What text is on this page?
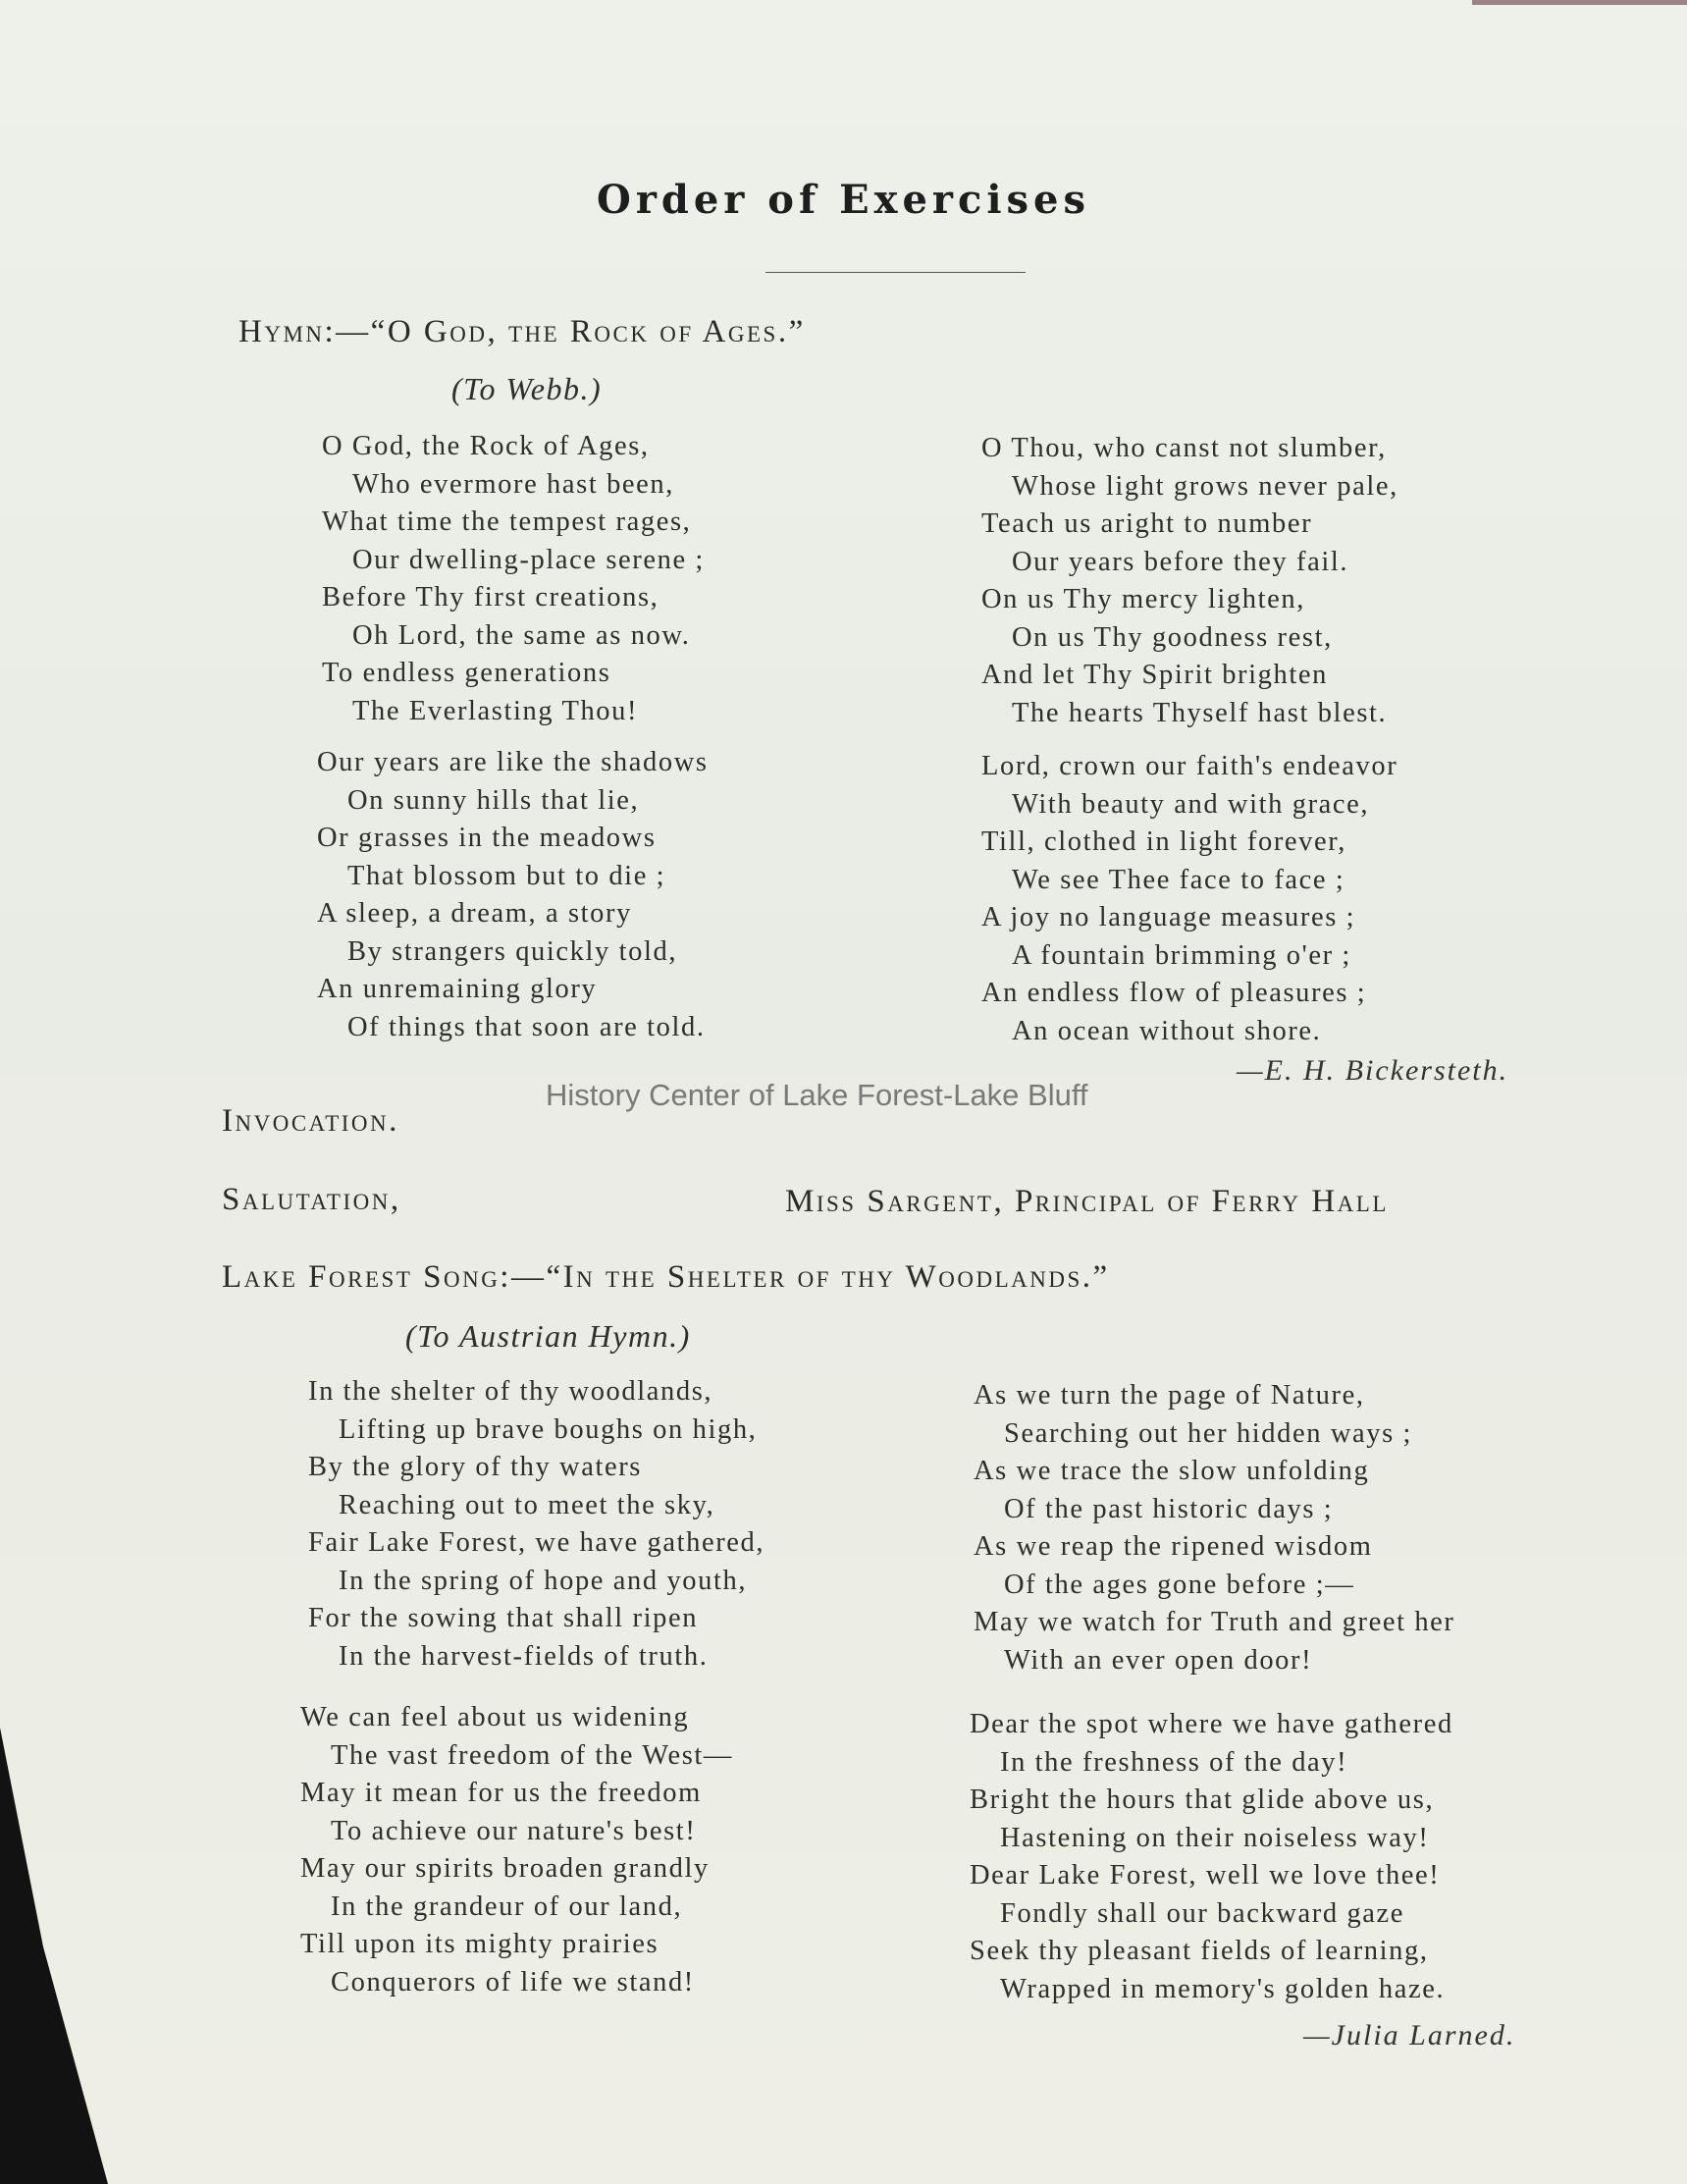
Order of Exercises
Hymn:—“O God, the Rock of Ages.”
(To Webb.)
O God, the Rock of Ages,
Who evermore hast been,
What time the tempest rages,
Our dwelling-place serene ;
Before Thy first creations,
Oh Lord, the same as now.
To endless generations
The Everlasting Thou!
Our years are like the shadows
On sunny hills that lie,
Or grasses in the meadows
That blossom but to die ;
A sleep, a dream, a story
By strangers quickly told,
An unremaining glory
Of things that soon are told.
O Thou, who canst not slumber,
Whose light grows never pale,
Teach us aright to number
Our years before they fail.
On us Thy mercy lighten,
On us Thy goodness rest,
And let Thy Spirit brighten
The hearts Thyself hast blest.
Lord, crown our faith's endeavor
With beauty and with grace,
Till, clothed in light forever,
We see Thee face to face ;
A joy no language measures ;
A fountain brimming o'er ;
An endless flow of pleasures ;
An ocean without shore.
—E. H. Bickersteth.
History Center of Lake Forest-Lake Bluff
Invocation.
Salutation,	Miss Sargent, Principal of Ferry Hall
Lake Forest Song:—“In the Shelter of thy Woodlands.”
(To Austrian Hymn.)
In the shelter of thy woodlands,
Lifting up brave boughs on high,
By the glory of thy waters
Reaching out to meet the sky,
Fair Lake Forest, we have gathered,
In the spring of hope and youth,
For the sowing that shall ripen
In the harvest-fields of truth.
We can feel about us widening
The vast freedom of the West—
May it mean for us the freedom
To achieve our nature's best!
May our spirits broaden grandly
In the grandeur of our land,
Till upon its mighty prairies
Conquerors of life we stand!
As we turn the page of Nature,
Searching out her hidden ways ;
As we trace the slow unfolding
Of the past historic days ;
As we reap the ripened wisdom
Of the ages gone before ;—
May we watch for Truth and greet her
With an ever open door!
Dear the spot where we have gathered
In the freshness of the day!
Bright the hours that glide above us,
Hastening on their noiseless way!
Dear Lake Forest, well we love thee!
Fondly shall our backward gaze
Seek thy pleasant fields of learning,
Wrapped in memory's golden haze.
—Julia Larned.
